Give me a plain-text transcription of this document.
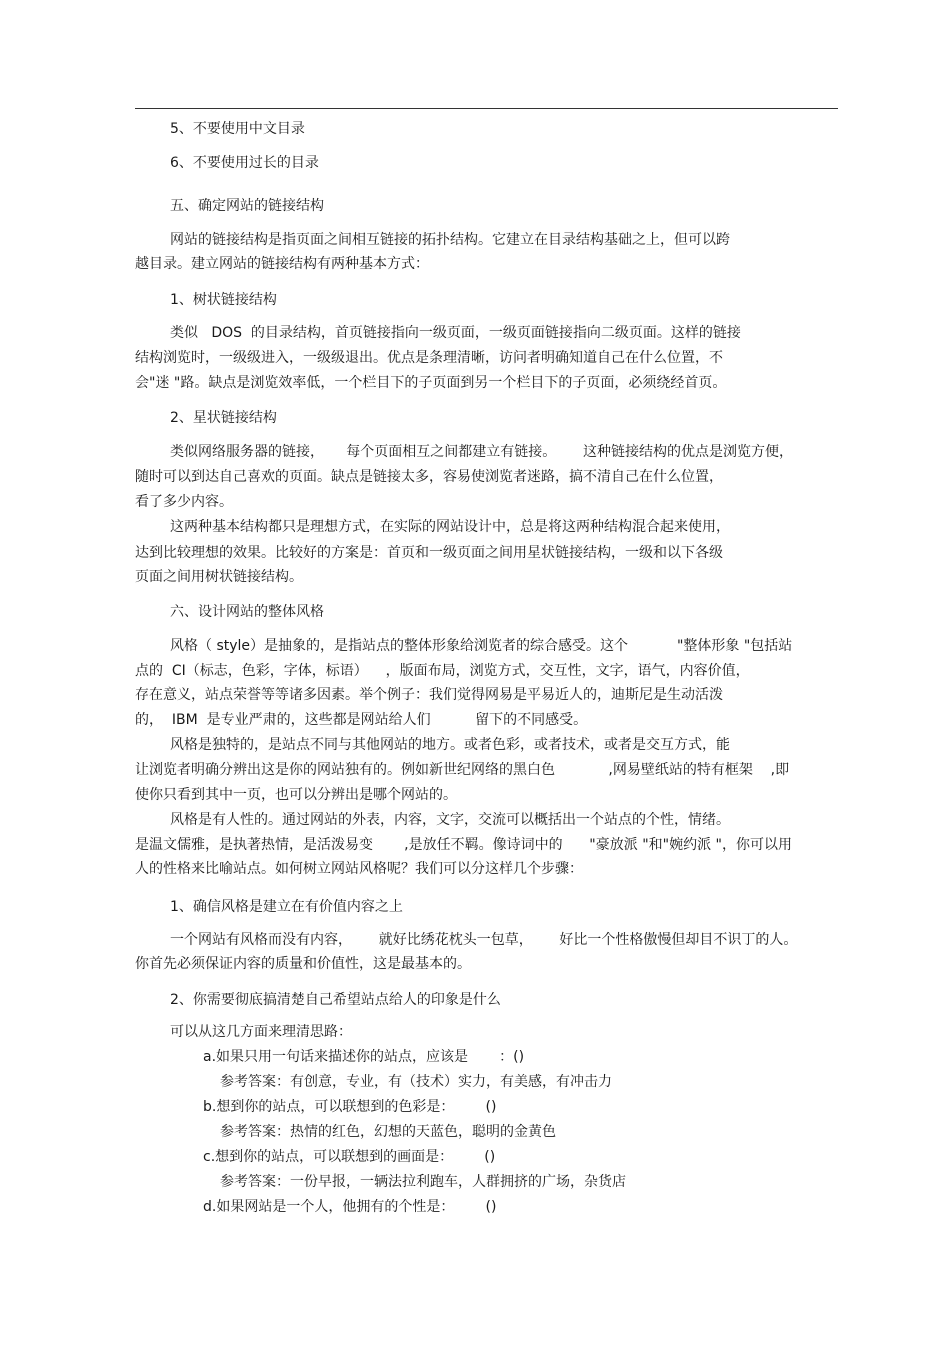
5、不要使用中文目录

6、不要使用过长的目录

五、确定网站的链接结构

网站的链接结构是指页面之间相互链接的拓扑结构。它建立在目录结构基础之上，但可以跨

越目录。建立网站的链接结构有两种基本方式：

1、树状链接结构

类似   DOS  的目录结构，首页链接指向一级页面，一级页面链接指向二级页面。这样的链接

结构浏览时，一级级进入，一级级退出。优点是条理清晰，访问者明确知道自己在什么位置，不

会"迷 "路。缺点是浏览效率低，一个栏目下的子页面到另一个栏目下的子页面，必须绕经首页。

2、星状链接结构

类似网络服务器的链接，     每个页面相互之间都建立有链接。      这种链接结构的优点是浏览方便，

随时可以到达自己喜欢的页面。缺点是链接太多，容易使浏览者迷路，搞不清自己在什么位置，

看了多少内容。

这两种基本结构都只是理想方式，在实际的网站设计中，总是将这两种结构混合起来使用，

达到比较理想的效果。比较好的方案是：首页和一级页面之间用星状链接结构，一级和以下各级

页面之间用树状链接结构。

六、设计网站的整体风格

风格（ style）是抽象的，是指站点的整体形象给浏览者的综合感受。这个           "整体形象 "包括站

点的  CI（标志，色彩，字体，标语）    ，版面布局，浏览方式，交互性，文字，语气，内容价值，

存在意义，站点荣誉等等诸多因素。举个例子：我们觉得网易是平易近人的，迪斯尼是生动活泼

的，  IBM  是专业严肃的，这些都是网站给人们          留下的不同感受。

风格是独特的，是站点不同与其他网站的地方。或者色彩，或者技术，或者是交互方式，能

让浏览者明确分辨出这是你的网站独有的。例如新世纪网络的黑白色            ,网易壁纸站的特有框架    ,即

使你只看到其中一页，也可以分辨出是哪个网站的。

风格是有人性的。通过网站的外表，内容，文字，交流可以概括出一个站点的个性，情绪。

是温文儒雅，是执著热情，是活泼易变       ,是放任不羁。像诗词中的      "豪放派 "和"婉约派 "，你可以用

人的性格来比喻站点。如何树立网站风格呢？我们可以分这样几个步骤：

1、确信风格是建立在有价值内容之上

一个网站有风格而没有内容，      就好比绣花枕头一包草，      好比一个性格傲慢但却目不识丁的人。

你首先必须保证内容的质量和价值性，这是最基本的。

2、你需要彻底搞清楚自己希望站点给人的印象是什么

可以从这几方面来理清思路：

a.如果只用一句话来描述你的站点，应该是       ：()

参考答案：有创意，专业，有（技术）实力，有美感，有冲击力

b.想到你的站点，可以联想到的色彩是：       ()

参考答案：热情的红色，幻想的天蓝色，聪明的金黄色

c.想到你的站点，可以联想到的画面是：       ()

参考答案：一份早报，一辆法拉利跑车，人群拥挤的广场，杂货店

d.如果网站是一个人，他拥有的个性是：       ()
